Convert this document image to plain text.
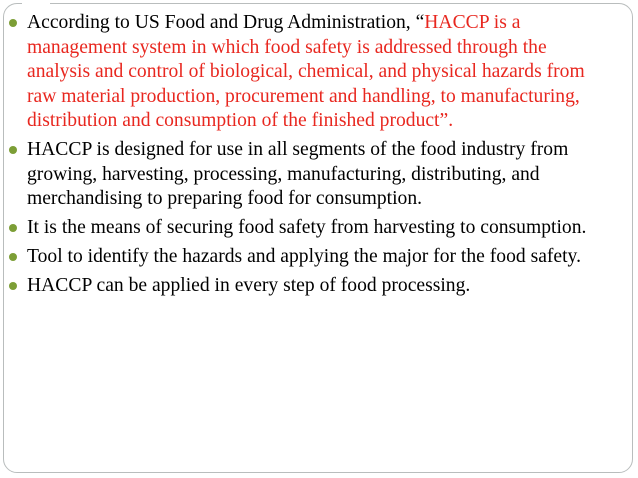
According to US Food and Drug Administration, “HACCP is a management system in which food safety is addressed through the analysis and control of biological, chemical, and physical hazards from raw material production, procurement and handling, to manufacturing, distribution and consumption of the finished product”.
HACCP is designed for use in all segments of the food industry from growing, harvesting, processing, manufacturing, distributing, and merchandising to preparing food for consumption.
It is the means of securing food safety from harvesting to consumption.
Tool to identify the hazards and applying the major for the food safety.
HACCP can be applied in every step of food processing.
